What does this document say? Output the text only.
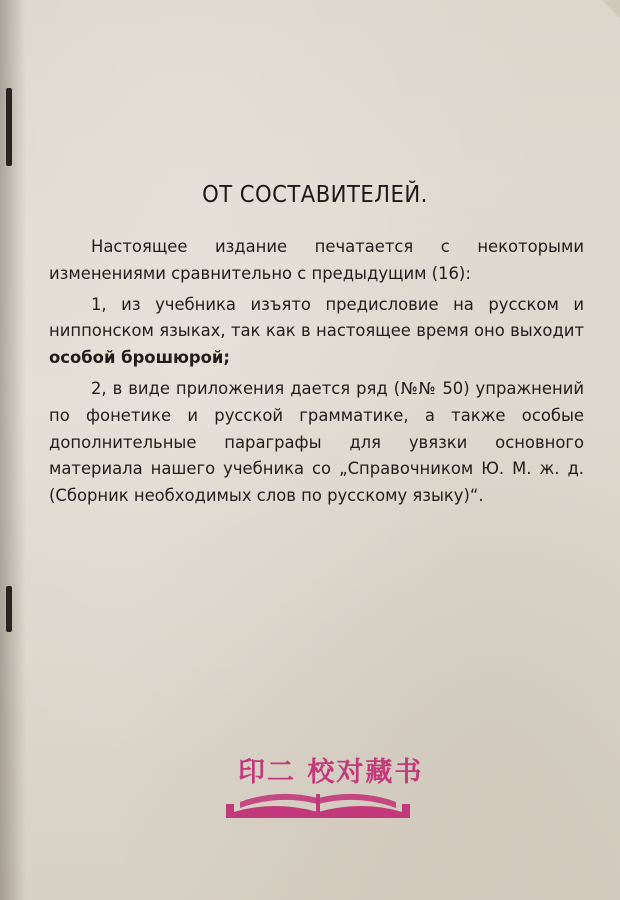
ОТ СОСТАВИТЕЛЕЙ.

Настоящее издание печатается с некоторыми изменениями сравнительно с предыдущим (16):

1, из учебника изъято предисловие на русском и ниппонском языках, так как в настоящее время оно выходит особой брошюрой;

2, в виде приложения дается ряд (№№ 50) упражнений по фонетике и русской грамматике, а также особые дополнительные параграфы для увязки основного материала нашего учебника со „Справочником Ю. М. ж. д. (Сборник необходимых слов по русскому языку)“.

印二 校对藏书
